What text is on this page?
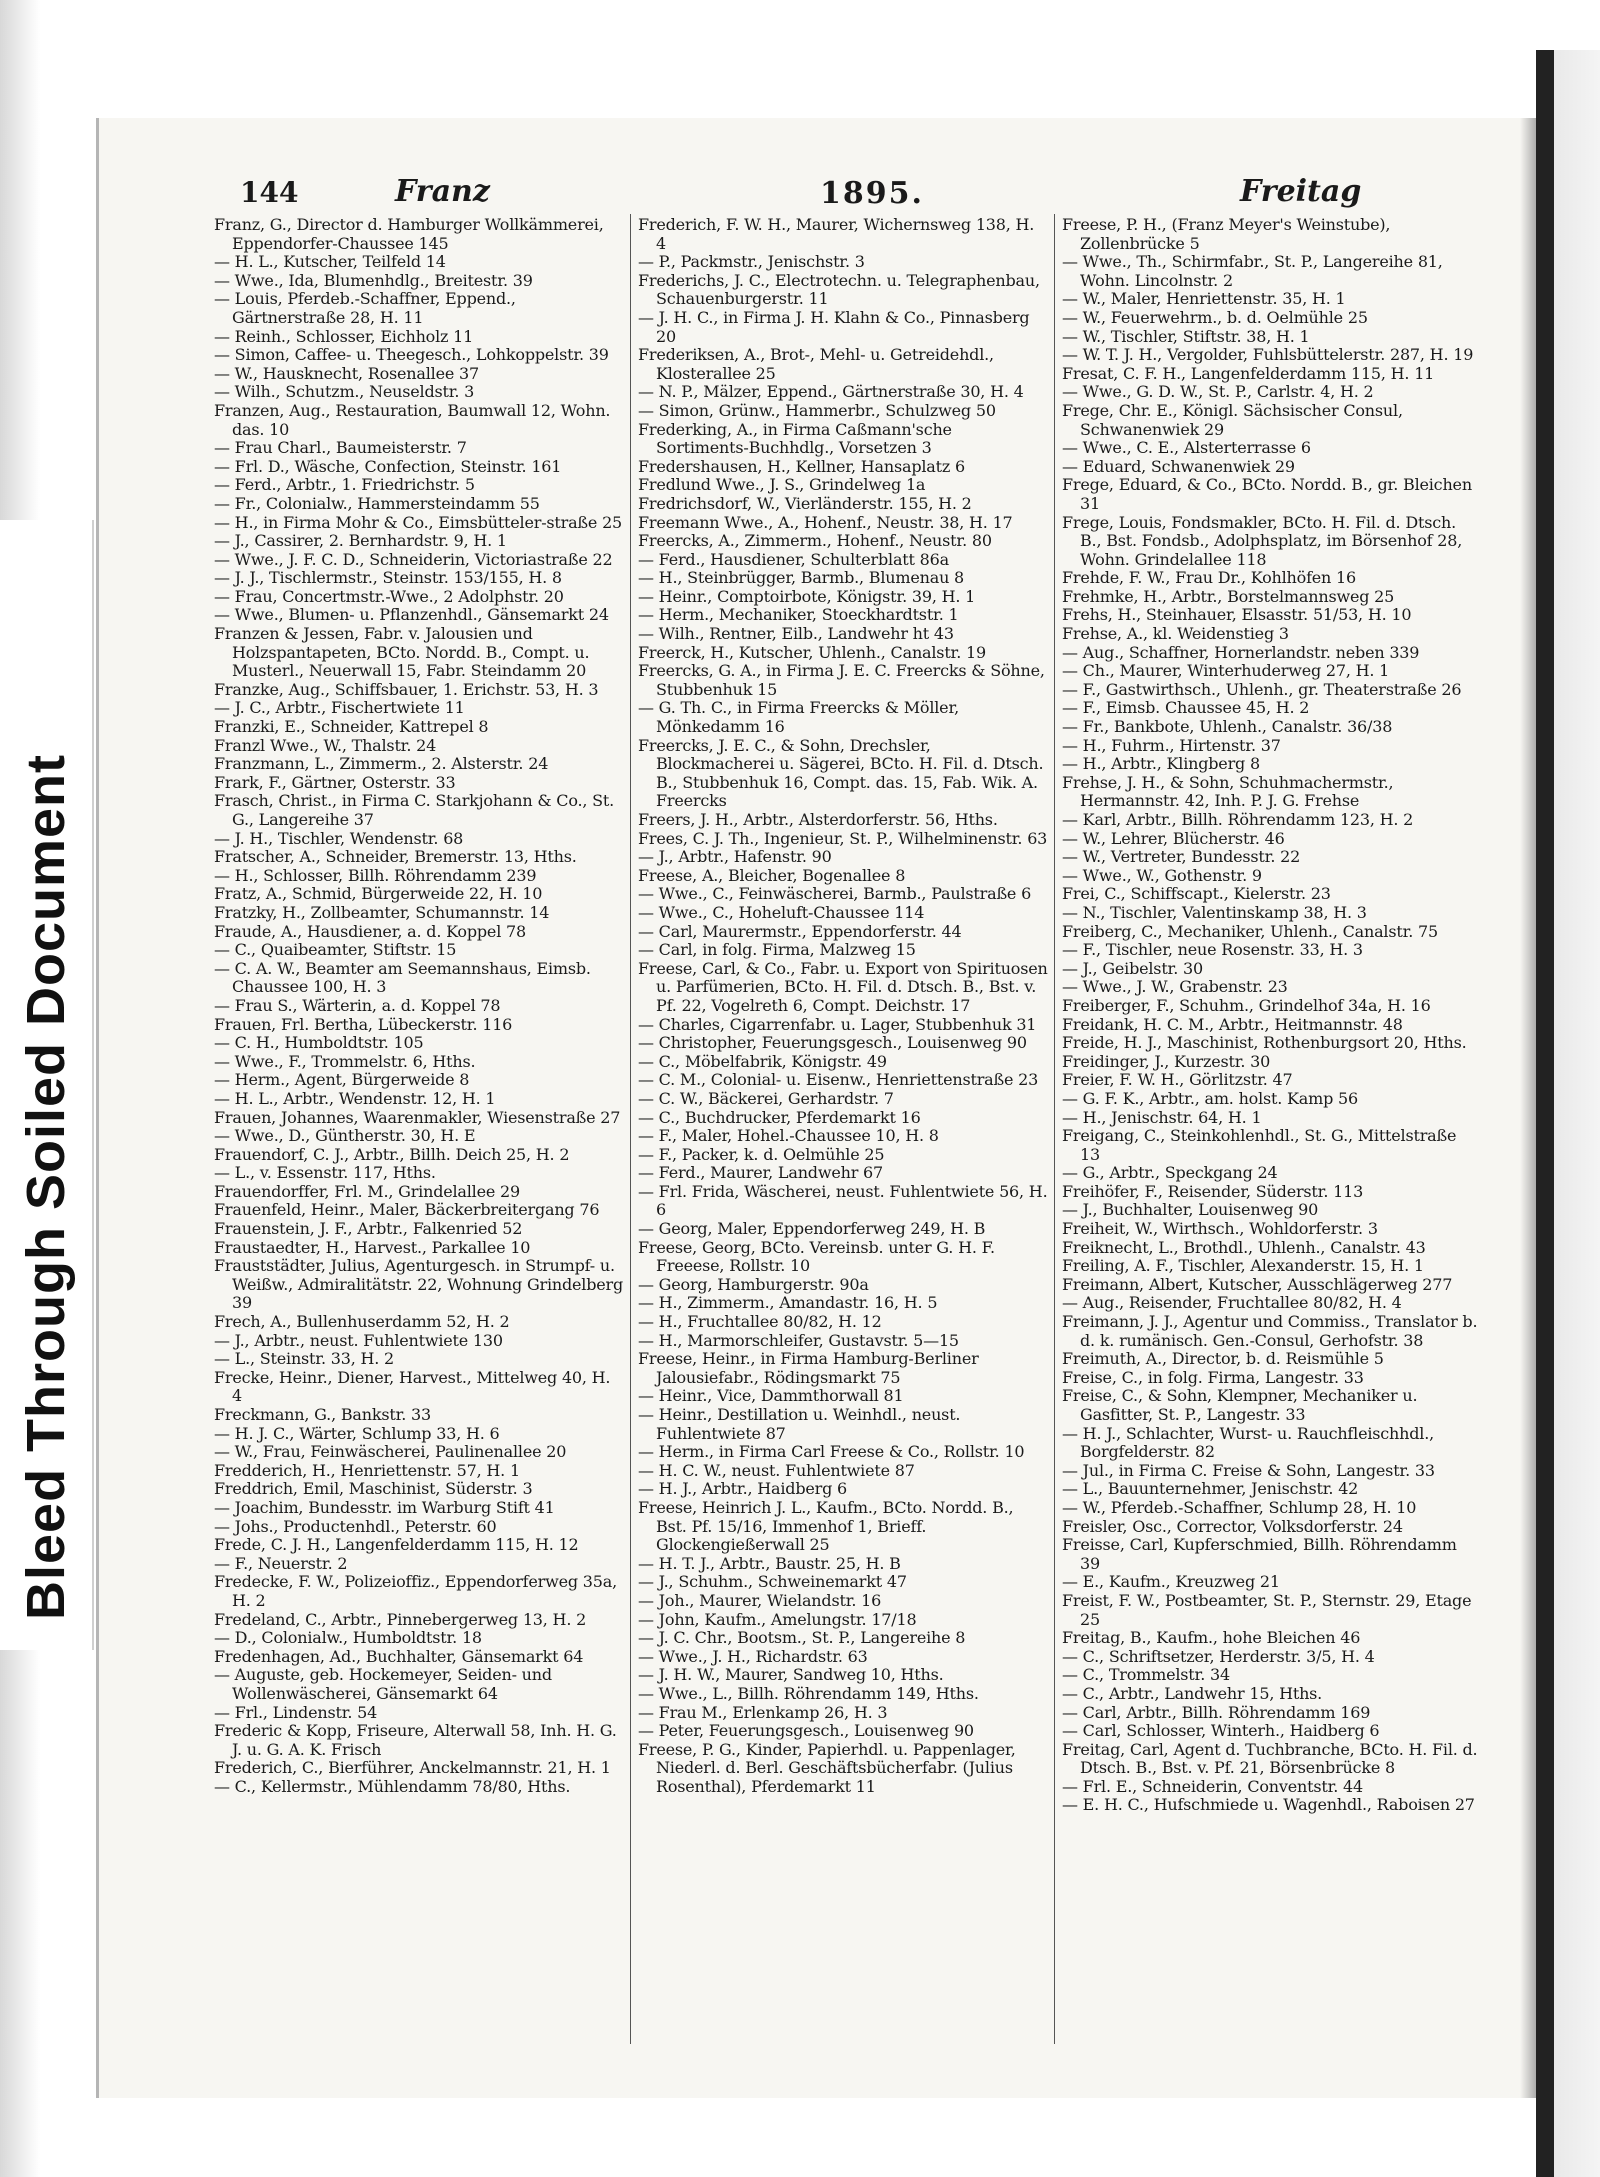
Bleed Through Soiled Document
144	Franz	1895.	Freitag

Franz, G., Director d. Hamburger Wollkämmerei, Eppendorfer-Chaussee 145

— H. L., Kutscher, Teilfeld 14

— Wwe., Ida, Blumenhdlg., Breitestr. 39

— Louis, Pferdeb.-Schaffner, Eppend., Gärtnerstraße 28, H. 11

— Reinh., Schlosser, Eichholz 11

— Simon, Caffee- u. Theegesch., Lohkoppelstr. 39

— W., Hausknecht, Rosenallee 37

— Wilh., Schutzm., Neuseldstr. 3

Franzen, Aug., Restauration, Baumwall 12, Wohn. das. 10

— Frau Charl., Baumeisterstr. 7

— Frl. D., Wäsche, Confection, Steinstr. 161

— Ferd., Arbtr., 1. Friedrichstr. 5

— Fr., Colonialw., Hammersteindamm 55

— H., in Firma Mohr & Co., Eimsbütteler-straße 25

— J., Cassirer, 2. Bernhardstr. 9, H. 1

— Wwe., J. F. C. D., Schneiderin, Victoriastraße 22

— J. J., Tischlermstr., Steinstr. 153/155, H. 8

— Frau, Concertmstr.-Wwe., 2 Adolphstr. 20

— Wwe., Blumen- u. Pflanzenhdl., Gänsemarkt 24

Franzen & Jessen, Fabr. v. Jalousien und Holzspantapeten, BCto. Nordd. B., Compt. u. Musterl., Neuerwall 15, Fabr. Steindamm 20

Franzke, Aug., Schiffsbauer, 1. Erichstr. 53, H. 3

— J. C., Arbtr., Fischertwiete 11

Franzki, E., Schneider, Kattrepel 8

Franzl Wwe., W., Thalstr. 24

Franzmann, L., Zimmerm., 2. Alsterstr. 24

Frark, F., Gärtner, Osterstr. 33

Frasch, Christ., in Firma C. Starkjohann & Co., St. G., Langereihe 37

— J. H., Tischler, Wendenstr. 68

Fratscher, A., Schneider, Bremerstr. 13, Hths.

— H., Schlosser, Billh. Röhrendamm 239

Fratz, A., Schmid, Bürgerweide 22, H. 10

Fratzky, H., Zollbeamter, Schumannstr. 14

Fraude, A., Hausdiener, a. d. Koppel 78

— C., Quaibeamter, Stiftstr. 15

— C. A. W., Beamter am Seemannshaus, Eimsb. Chaussee 100, H. 3

— Frau S., Wärterin, a. d. Koppel 78

Frauen, Frl. Bertha, Lübeckerstr. 116

— C. H., Humboldtstr. 105

— Wwe., F., Trommelstr. 6, Hths.

— Herm., Agent, Bürgerweide 8

— H. L., Arbtr., Wendenstr. 12, H. 1

Frauen, Johannes, Waarenmakler, Wiesenstraße 27

— Wwe., D., Güntherstr. 30, H. E

Frauendorf, C. J., Arbtr., Billh. Deich 25, H. 2

— L., v. Essenstr. 117, Hths.

Frauendorffer, Frl. M., Grindelallee 29

Frauenfeld, Heinr., Maler, Bäckerbreitergang 76

Frauenstein, J. F., Arbtr., Falkenried 52

Fraustaedter, H., Harvest., Parkallee 10

Frauststädter, Julius, Agenturgesch. in Strumpf- u. Weißw., Admiralitätstr. 22, Wohnung Grindelberg 39

Frech, A., Bullenhuserdamm 52, H. 2

— J., Arbtr., neust. Fuhlentwiete 130

— L., Steinstr. 33, H. 2

Frecke, Heinr., Diener, Harvest., Mittelweg 40, H. 4

Freckmann, G., Bankstr. 33

— H. J. C., Wärter, Schlump 33, H. 6

— W., Frau, Feinwäscherei, Paulinenallee 20

Fredderich, H., Henriettenstr. 57, H. 1

Freddrich, Emil, Maschinist, Süderstr. 3

— Joachim, Bundesstr. im Warburg Stift 41

— Johs., Productenhdl., Peterstr. 60

Frede, C. J. H., Langenfelderdamm 115, H. 12

— F., Neuerstr. 2

Fredecke, F. W., Polizeioffiz., Eppendorferweg 35a, H. 2

Fredeland, C., Arbtr., Pinnebergerweg 13, H. 2

— D., Colonialw., Humboldtstr. 18

Fredenhagen, Ad., Buchhalter, Gänsemarkt 64

— Auguste, geb. Hockemeyer, Seiden- und Wollenwäscherei, Gänsemarkt 64

— Frl., Lindenstr. 54

Frederic & Kopp, Friseure, Alterwall 58, Inh. H. G. J. u. G. A. K. Frisch

Frederich, C., Bierführer, Anckelmannstr. 21, H. 1

— C., Kellermstr., Mühlendamm 78/80, Hths.

Frederich, F. W. H., Maurer, Wichernsweg 138, H. 4

— P., Packmstr., Jenischstr. 3

Frederichs, J. C., Electrotechn. u. Telegraphenbau, Schauenburgerstr. 11

— J. H. C., in Firma J. H. Klahn & Co., Pinnasberg 20

Frederiksen, A., Brot-, Mehl- u. Getreidehdl., Klosterallee 25

— N. P., Mälzer, Eppend., Gärtnerstraße 30, H. 4

— Simon, Grünw., Hammerbr., Schulzweg 50

Frederking, A., in Firma Caßmann'sche Sortiments-Buchhdlg., Vorsetzen 3

Fredershausen, H., Kellner, Hansaplatz 6

Fredlund Wwe., J. S., Grindelweg 1a

Fredrichsdorf, W., Vierländerstr. 155, H. 2

Freemann Wwe., A., Hohenf., Neustr. 38, H. 17

Freercks, A., Zimmerm., Hohenf., Neustr. 80

— Ferd., Hausdiener, Schulterblatt 86a

— H., Steinbrügger, Barmb., Blumenau 8

— Heinr., Comptoirbote, Königstr. 39, H. 1

— Herm., Mechaniker, Stoeckhardtstr. 1

— Wilh., Rentner, Eilb., Landwehr ht 43

Freerck, H., Kutscher, Uhlenh., Canalstr. 19

Freercks, G. A., in Firma J. E. C. Freercks & Söhne, Stubbenhuk 15

— G. Th. C., in Firma Freercks & Möller, Mönkedamm 16

Freercks, J. E. C., & Sohn, Drechsler, Blockmacherei u. Sägerei, BCto. H. Fil. d. Dtsch. B., Stubbenhuk 16, Compt. das. 15, Fab. Wik. A. Freercks

Freers, J. H., Arbtr., Alsterdorferstr. 56, Hths.

Frees, C. J. Th., Ingenieur, St. P., Wilhelminenstr. 63

— J., Arbtr., Hafenstr. 90

Freese, A., Bleicher, Bogenallee 8

— Wwe., C., Feinwäscherei, Barmb., Paulstraße 6

— Wwe., C., Hoheluft-Chaussee 114

— Carl, Maurermstr., Eppendorferstr. 44

— Carl, in folg. Firma, Malzweg 15

Freese, Carl, & Co., Fabr. u. Export von Spirituosen u. Parfümerien, BCto. H. Fil. d. Dtsch. B., Bst. v. Pf. 22, Vogelreth 6, Compt. Deichstr. 17

— Charles, Cigarrenfabr. u. Lager, Stubbenhuk 31

— Christopher, Feuerungsgesch., Louisenweg 90

— C., Möbelfabrik, Königstr. 49

— C. M., Colonial- u. Eisenw., Henriettenstraße 23

— C. W., Bäckerei, Gerhardstr. 7

— C., Buchdrucker, Pferdemarkt 16

— F., Maler, Hohel.-Chaussee 10, H. 8

— F., Packer, k. d. Oelmühle 25

— Ferd., Maurer, Landwehr 67

— Frl. Frida, Wäscherei, neust. Fuhlentwiete 56, H. 6

— Georg, Maler, Eppendorferweg 249, H. B

Freese, Georg, BCto. Vereinsb. unter G. H. F. Freeese, Rollstr. 10

— Georg, Hamburgerstr. 90a

— H., Zimmerm., Amandastr. 16, H. 5

— H., Fruchtallee 80/82, H. 12

— H., Marmorschleifer, Gustavstr. 5—15

Freese, Heinr., in Firma Hamburg-Berliner Jalousiefabr., Rödingsmarkt 75

— Heinr., Vice, Dammthorwall 81

— Heinr., Destillation u. Weinhdl., neust. Fuhlentwiete 87

— Herm., in Firma Carl Freese & Co., Rollstr. 10

— H. C. W., neust. Fuhlentwiete 87

— H. J., Arbtr., Haidberg 6

Freese, Heinrich J. L., Kaufm., BCto. Nordd. B., Bst. Pf. 15/16, Immenhof 1, Brieff. Glockengießerwall 25

— H. T. J., Arbtr., Baustr. 25, H. B

— J., Schuhm., Schweinemarkt 47

— Joh., Maurer, Wielandstr. 16

— John, Kaufm., Amelungstr. 17/18

— J. C. Chr., Bootsm., St. P., Langereihe 8

— Wwe., J. H., Richardstr. 63

— J. H. W., Maurer, Sandweg 10, Hths.

— Wwe., L., Billh. Röhrendamm 149, Hths.

— Frau M., Erlenkamp 26, H. 3

— Peter, Feuerungsgesch., Louisenweg 90

Freese, P. G., Kinder, Papierhdl. u. Pappenlager, Niederl. d. Berl. Geschäftsbücherfabr. (Julius Rosenthal), Pferdemarkt 11

Freese, P. H., (Franz Meyer's Weinstube), Zollenbrücke 5

— Wwe., Th., Schirmfabr., St. P., Langereihe 81, Wohn. Lincolnstr. 2

— W., Maler, Henriettenstr. 35, H. 1

— W., Feuerwehrm., b. d. Oelmühle 25

— W., Tischler, Stiftstr. 38, H. 1

— W. T. J. H., Vergolder, Fuhlsbüttelerstr. 287, H. 19

Fresat, C. F. H., Langenfelderdamm 115, H. 11

— Wwe., G. D. W., St. P., Carlstr. 4, H. 2

Frege, Chr. E., Königl. Sächsischer Consul, Schwanenwiek 29

— Wwe., C. E., Alsterterrasse 6

— Eduard, Schwanenwiek 29

Frege, Eduard, & Co., BCto. Nordd. B., gr. Bleichen 31

Frege, Louis, Fondsmakler, BCto. H. Fil. d. Dtsch. B., Bst. Fondsb., Adolphsplatz, im Börsenhof 28, Wohn. Grindelallee 118

Frehde, F. W., Frau Dr., Kohlhöfen 16

Frehmke, H., Arbtr., Borstelmannsweg 25

Frehs, H., Steinhauer, Elsasstr. 51/53, H. 10

Frehse, A., kl. Weidenstieg 3

— Aug., Schaffner, Hornerlandstr. neben 339

— Ch., Maurer, Winterhuderweg 27, H. 1

— F., Gastwirthsch., Uhlenh., gr. Theaterstraße 26

— F., Eimsb. Chaussee 45, H. 2

— Fr., Bankbote, Uhlenh., Canalstr. 36/38

— H., Fuhrm., Hirtenstr. 37

— H., Arbtr., Klingberg 8

Frehse, J. H., & Sohn, Schuhmachermstr., Hermannstr. 42, Inh. P. J. G. Frehse

— Karl, Arbtr., Billh. Röhrendamm 123, H. 2

— W., Lehrer, Blücherstr. 46

— W., Vertreter, Bundesstr. 22

— Wwe., W., Gothenstr. 9

Frei, C., Schiffscapt., Kielerstr. 23

— N., Tischler, Valentinskamp 38, H. 3

Freiberg, C., Mechaniker, Uhlenh., Canalstr. 75

— F., Tischler, neue Rosenstr. 33, H. 3

— J., Geibelstr. 30

— Wwe., J. W., Grabenstr. 23

Freiberger, F., Schuhm., Grindelhof 34a, H. 16

Freidank, H. C. M., Arbtr., Heitmannstr. 48

Freide, H. J., Maschinist, Rothenburgsort 20, Hths.

Freidinger, J., Kurzestr. 30

Freier, F. W. H., Görlitzstr. 47

— G. F. K., Arbtr., am. holst. Kamp 56

— H., Jenischstr. 64, H. 1

Freigang, C., Steinkohlenhdl., St. G., Mittelstraße 13

— G., Arbtr., Speckgang 24

Freihöfer, F., Reisender, Süderstr. 113

— J., Buchhalter, Louisenweg 90

Freiheit, W., Wirthsch., Wohldorferstr. 3

Freiknecht, L., Brothdl., Uhlenh., Canalstr. 43

Freiling, A. F., Tischler, Alexanderstr. 15, H. 1

Freimann, Albert, Kutscher, Ausschlägerweg 277

— Aug., Reisender, Fruchtallee 80/82, H. 4

Freimann, J. J., Agentur und Commiss., Translator b. d. k. rumänisch. Gen.-Consul, Gerhofstr. 38

Freimuth, A., Director, b. d. Reismühle 5

Freise, C., in folg. Firma, Langestr. 33

Freise, C., & Sohn, Klempner, Mechaniker u. Gasfitter, St. P., Langestr. 33

— H. J., Schlachter, Wurst- u. Rauchfleischhdl., Borgfelderstr. 82

— Jul., in Firma C. Freise & Sohn, Langestr. 33

— L., Bauunternehmer, Jenischstr. 42

— W., Pferdeb.-Schaffner, Schlump 28, H. 10

Freisler, Osc., Corrector, Volksdorferstr. 24

Freisse, Carl, Kupferschmied, Billh. Röhrendamm 39

— E., Kaufm., Kreuzweg 21

Freist, F. W., Postbeamter, St. P., Sternstr. 29, Etage 25

Freitag, B., Kaufm., hohe Bleichen 46

— C., Schriftsetzer, Herderstr. 3/5, H. 4

— C., Trommelstr. 34

— C., Arbtr., Landwehr 15, Hths.

— Carl, Arbtr., Billh. Röhrendamm 169

— Carl, Schlosser, Winterh., Haidberg 6

Freitag, Carl, Agent d. Tuchbranche, BCto. H. Fil. d. Dtsch. B., Bst. v. Pf. 21, Börsenbrücke 8

— Frl. E., Schneiderin, Conventstr. 44

— E. H. C., Hufschmiede u. Wagenhdl., Raboisen 27
